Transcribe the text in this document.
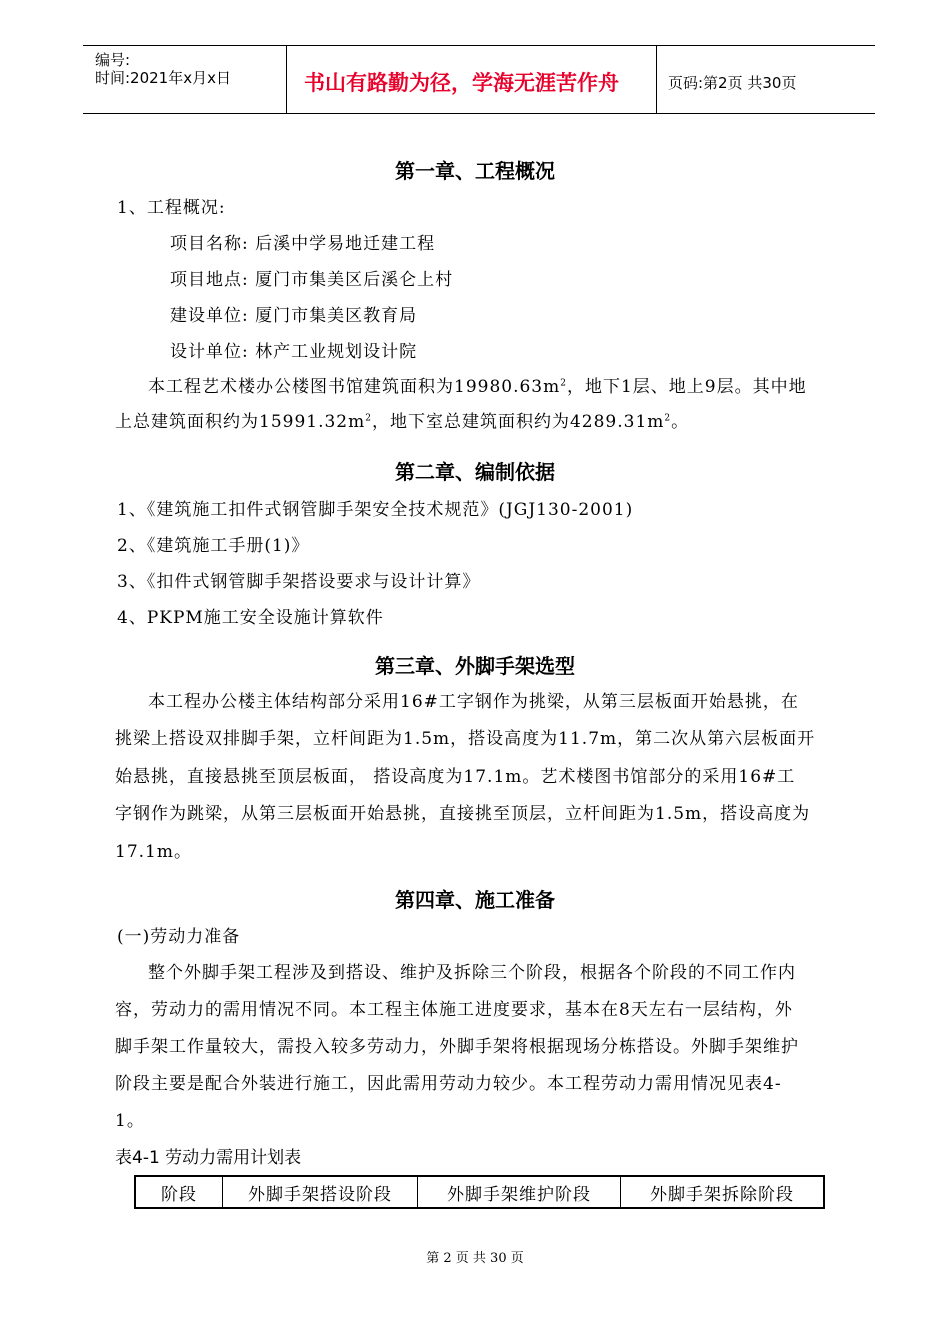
编号:
时间:2021年x月x日	书山有路勤为径，学海无涯苦作舟	页码:第2页 共30页
第一章、工程概况
1、工程概况:
项目名称: 后溪中学易地迁建工程
项目地点: 厦门市集美区后溪仑上村
建设单位: 厦门市集美区教育局
设计单位: 林产工业规划设计院
本工程艺术楼办公楼图书馆建筑面积为$19980.63m^2$，地下1层、地上9层。其中地
上总建筑面积约为$15991.32m^2$，地下室总建筑面积约为$4289.31m^2$。
第二章、编制依据
1、《建筑施工扣件式钢管脚手架安全技术规范》(JGJ130-2001)
2、《建筑施工手册(1)》
3、《扣件式钢管脚手架搭设要求与设计计算》
4、PKPM施工安全设施计算软件
第三章、外脚手架选型
本工程办公楼主体结构部分采用16#工字钢作为挑梁，从第三层板面开始悬挑，在
挑梁上搭设双排脚手架，立杆间距为1.5m，搭设高度为11.7m，第二次从第六层板面开
始悬挑，直接悬挑至顶层板面， 搭设高度为17.1m。艺术楼图书馆部分的采用16#工
字钢作为跳梁，从第三层板面开始悬挑，直接挑至顶层，立杆间距为1.5m，搭设高度为
17.1m。
第四章、施工准备
(一)劳动力准备
整个外脚手架工程涉及到搭设、维护及拆除三个阶段，根据各个阶段的不同工作内
容，劳动力的需用情况不同。本工程主体施工进度要求，基本在8天左右一层结构，外
脚手架工作量较大，需投入较多劳动力，外脚手架将根据现场分栋搭设。外脚手架维护
阶段主要是配合外装进行施工，因此需用劳动力较少。本工程劳动力需用情况见表4-
1。
表4-1 劳动力需用计划表
阶段	外脚手架搭设阶段	外脚手架维护阶段	外脚手架拆除阶段
第 2 页 共 30 页
